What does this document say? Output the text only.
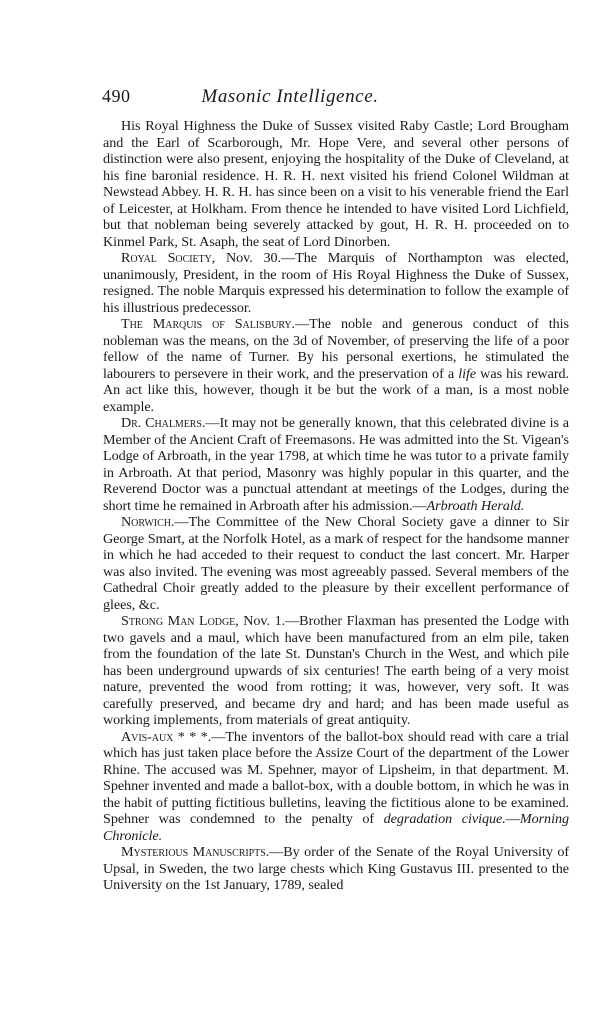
490	Masonic Intelligence.

His Royal Highness the Duke of Sussex visited Raby Castle; Lord Brougham and the Earl of Scarborough, Mr. Hope Vere, and several other persons of distinction were also present, enjoying the hospitality of the Duke of Cleveland, at his fine baronial residence. H. R. H. next visited his friend Colonel Wildman at Newstead Abbey. H. R. H. has since been on a visit to his venerable friend the Earl of Leicester, at Holkham. From thence he intended to have visited Lord Lichfield, but that nobleman being severely attacked by gout, H. R. H. proceeded on to Kinmel Park, St. Asaph, the seat of Lord Dinorben.

Royal Society, Nov. 30.—The Marquis of Northampton was elected, unanimously, President, in the room of His Royal Highness the Duke of Sussex, resigned. The noble Marquis expressed his determination to follow the example of his illustrious predecessor.

The Marquis of Salisbury.—The noble and generous conduct of this nobleman was the means, on the 3d of November, of preserving the life of a poor fellow of the name of Turner. By his personal exertions, he stimulated the labourers to persevere in their work, and the preservation of a life was his reward. An act like this, however, though it be but the work of a man, is a most noble example.

Dr. Chalmers.—It may not be generally known, that this celebrated divine is a Member of the Ancient Craft of Freemasons. He was admitted into the St. Vigean's Lodge of Arbroath, in the year 1798, at which time he was tutor to a private family in Arbroath. At that period, Masonry was highly popular in this quarter, and the Reverend Doctor was a punctual attendant at meetings of the Lodges, during the short time he remained in Arbroath after his admission.—Arbroath Herald.

Norwich.—The Committee of the New Choral Society gave a dinner to Sir George Smart, at the Norfolk Hotel, as a mark of respect for the handsome manner in which he had acceded to their request to conduct the last concert. Mr. Harper was also invited. The evening was most agreeably passed. Several members of the Cathedral Choir greatly added to the pleasure by their excellent performance of glees, &c.

Strong Man Lodge, Nov. 1.—Brother Flaxman has presented the Lodge with two gavels and a maul, which have been manufactured from an elm pile, taken from the foundation of the late St. Dunstan's Church in the West, and which pile has been underground upwards of six centuries! The earth being of a very moist nature, prevented the wood from rotting; it was, however, very soft. It was carefully preserved, and became dry and hard; and has been made useful as working implements, from materials of great antiquity.

Avis-aux * * *.—The inventors of the ballot-box should read with care a trial which has just taken place before the Assize Court of the department of the Lower Rhine. The accused was M. Spehner, mayor of Lipsheim, in that department. M. Spehner invented and made a ballot-box, with a double bottom, in which he was in the habit of putting fictitious bulletins, leaving the fictitious alone to be examined. Spehner was condemned to the penalty of degradation civique.—Morning Chronicle.

Mysterious Manuscripts.—By order of the Senate of the Royal University of Upsal, in Sweden, the two large chests which King Gustavus III. presented to the University on the 1st January, 1789, sealed
